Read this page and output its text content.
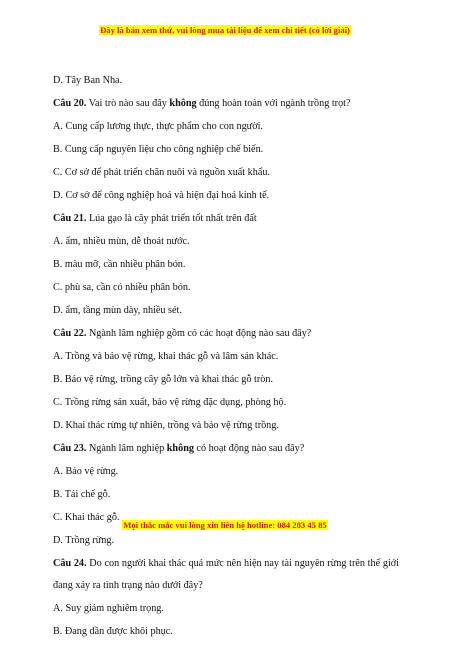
Đây là bản xem thử, vui lòng mua tài liệu để xem chi tiết (có lời giải)
D. Tây Ban Nha.
Câu 20. Vai trò nào sau đây không đúng hoàn toàn với ngành trồng trọt?
A. Cung cấp lương thực, thực phẩm cho con người.
B. Cung cấp nguyên liệu cho công nghiệp chế biến.
C. Cơ sở để phát triển chăn nuôi và nguồn xuất khẩu.
D. Cơ sở để công nghiệp hoá và hiện đại hoá kinh tế.
Câu 21. Lúa gạo là cây phát triển tốt nhất trên đất
A. ẩm, nhiều mùn, dễ thoát nước.
B. màu mỡ, cần nhiều phân bón.
C. phù sa, cần có nhiều phân bón.
D. ẩm, tầng mùn dày, nhiều sét.
Câu 22. Ngành lâm nghiệp gồm có các hoạt động nào sau đây?
A. Trồng và bảo vệ rừng, khai thác gỗ và lâm sản khác.
B. Bảo vệ rừng, trồng cây gỗ lớn và khai thác gỗ tròn.
C. Trồng rừng sản xuất, bảo vệ rừng đặc dụng, phòng hộ.
D. Khai thác rừng tự nhiên, trồng và bảo vệ rừng trồng.
Câu 23. Ngành lâm nghiệp không có hoạt động nào sau đây?
A. Bảo vệ rừng.
B. Tái chế gỗ.
C. Khai thác gỗ.
D. Trồng rừng.
Câu 24. Do con người khai thác quá mức nên hiện nay tài nguyên rừng trên thế giới đang xảy ra tình trạng nào dưới đây?
A. Suy giảm nghiêm trọng.
B. Đang dần được khôi phục.
Mọi thắc mắc vui lòng xin liên hệ hotline: 084 283 45 85
